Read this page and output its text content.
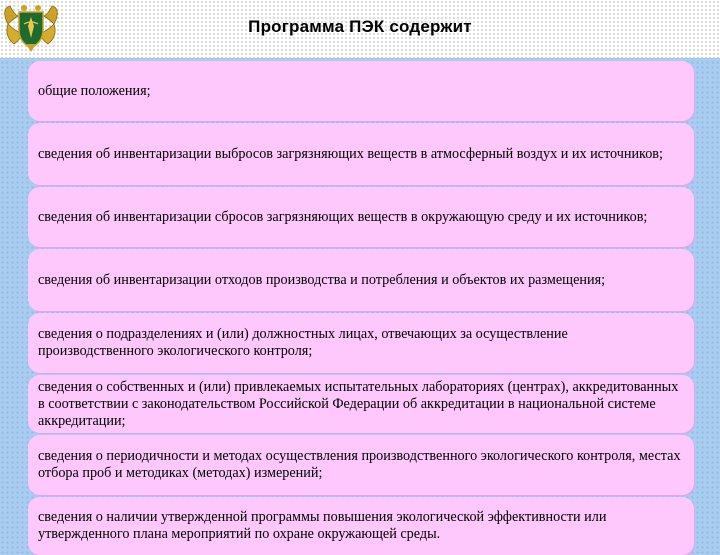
Программа ПЭК содержит
общие положения;
сведения об инвентаризации выбросов загрязняющих веществ в атмосферный воздух и их источников;
сведения об инвентаризации сбросов загрязняющих веществ в окружающую среду и их источников;
сведения об инвентаризации отходов производства и потребления и объектов их размещения;
сведения о подразделениях и (или) должностных лицах, отвечающих за осуществление производственного экологического контроля;
сведения о собственных и (или) привлекаемых испытательных лабораториях (центрах), аккредитованных в соответствии с законодательством Российской Федерации об аккредитации в национальной системе аккредитации;
сведения о периодичности и методах осуществления производственного экологического контроля, местах отбора проб и методиках (методах) измерений;
сведения о наличии утвержденной программы повышения экологической эффективности или утвержденного плана мероприятий по охране окружающей среды.
